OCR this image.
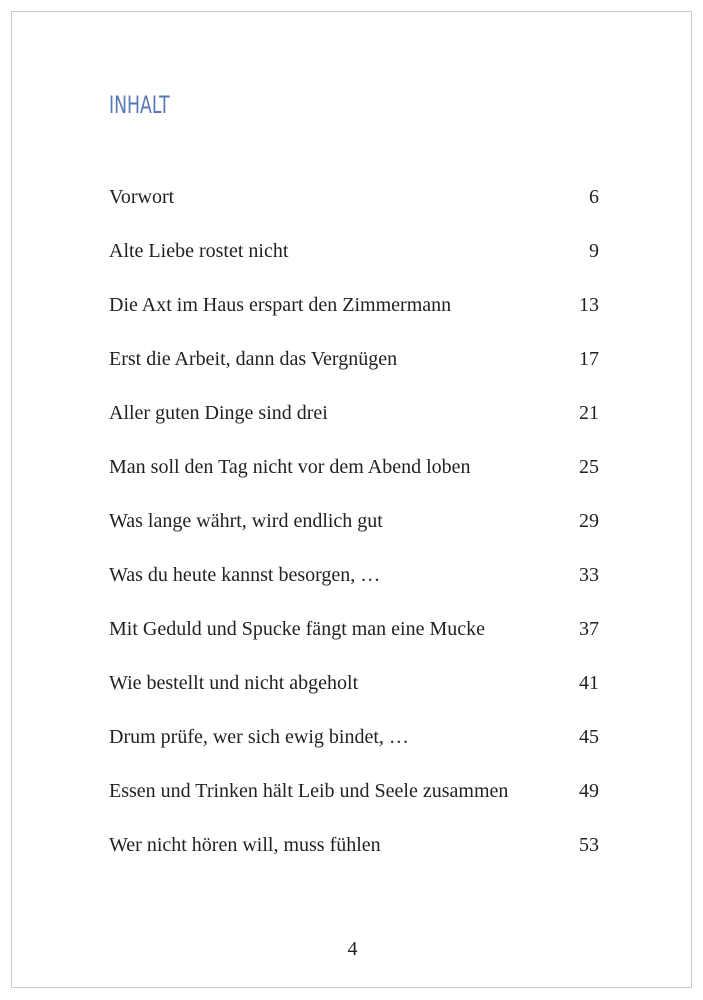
INHALT
Vorwort	6
Alte Liebe rostet nicht	9
Die Axt im Haus erspart den Zimmermann	13
Erst die Arbeit, dann das Vergnügen	17
Aller guten Dinge sind drei	21
Man soll den Tag nicht vor dem Abend loben	25
Was lange währt, wird endlich gut	29
Was du heute kannst besorgen, …	33
Mit Geduld und Spucke fängt man eine Mucke	37
Wie bestellt und nicht abgeholt	41
Drum prüfe, wer sich ewig bindet, …	45
Essen und Trinken hält Leib und Seele zusammen	49
Wer nicht hören will, muss fühlen	53
4
